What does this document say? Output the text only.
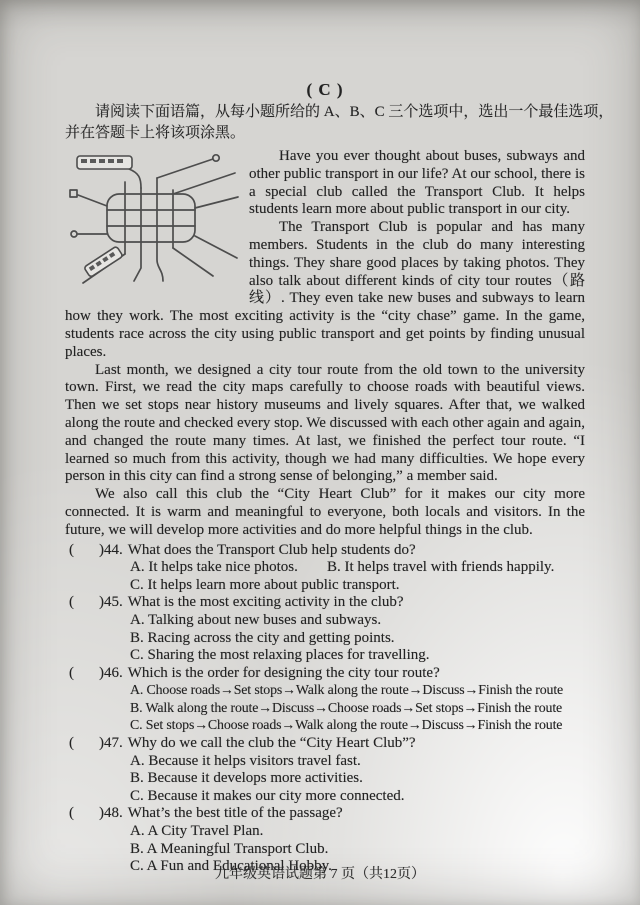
( C )
请阅读下面语篇，从每小题所给的 A、B、C 三个选项中，选出一个最佳选项，
并在答题卡上将该项涂黑。

Have you ever thought about buses, subways and other public transport in our life? At our school, there is a special club called the Transport Club. It helps students learn more about public transport in our city.

The Transport Club is popular and has many members. Students in the club do many interesting things. They share good places by taking photos. They also talk about different kinds of city tour routes（路线）. They even take new buses and subways to learn how they work. The most exciting activity is the “city chase” game. In the game, students race across the city using public transport and get points by finding unusual places.

Last month, we designed a city tour route from the old town to the university town. First, we read the city maps carefully to choose roads with beautiful views. Then we set stops near history museums and lively squares. After that, we walked along the route and checked every stop. We discussed with each other again and again, and changed the route many times. At last, we finished the perfect tour route. “I learned so much from this activity, though we had many difficulties. We hope every person in this city can find a strong sense of belonging,” a member said.

We also call this club the “City Heart Club” for it makes our city more connected. It is warm and meaningful to everyone, both locals and visitors. In the future, we will develop more activities and do more helpful things in the club.

(	)44. What does the Transport Club help students do?
A. It helps take nice photos.	B. It helps travel with friends happily.
C. It helps learn more about public transport.
(	)45. What is the most exciting activity in the club?
A. Talking about new buses and subways.
B. Racing across the city and getting points.
C. Sharing the most relaxing places for travelling.
(	)46. Which is the order for designing the city tour route?
A. Choose roads→Set stops→Walk along the route→Discuss→Finish the route
B. Walk along the route→Discuss→Choose roads→Set stops→Finish the route
C. Set stops→Choose roads→Walk along the route→Discuss→Finish the route
(	)47. Why do we call the club the “City Heart Club”?
A. Because it helps visitors travel fast.
B. Because it develops more activities.
C. Because it makes our city more connected.
(	)48. What’s the best title of the passage?
A. A City Travel Plan.
B. A Meaningful Transport Club.
C. A Fun and Educational Hobby.
九年级英语试题第 7 页（共12页）
